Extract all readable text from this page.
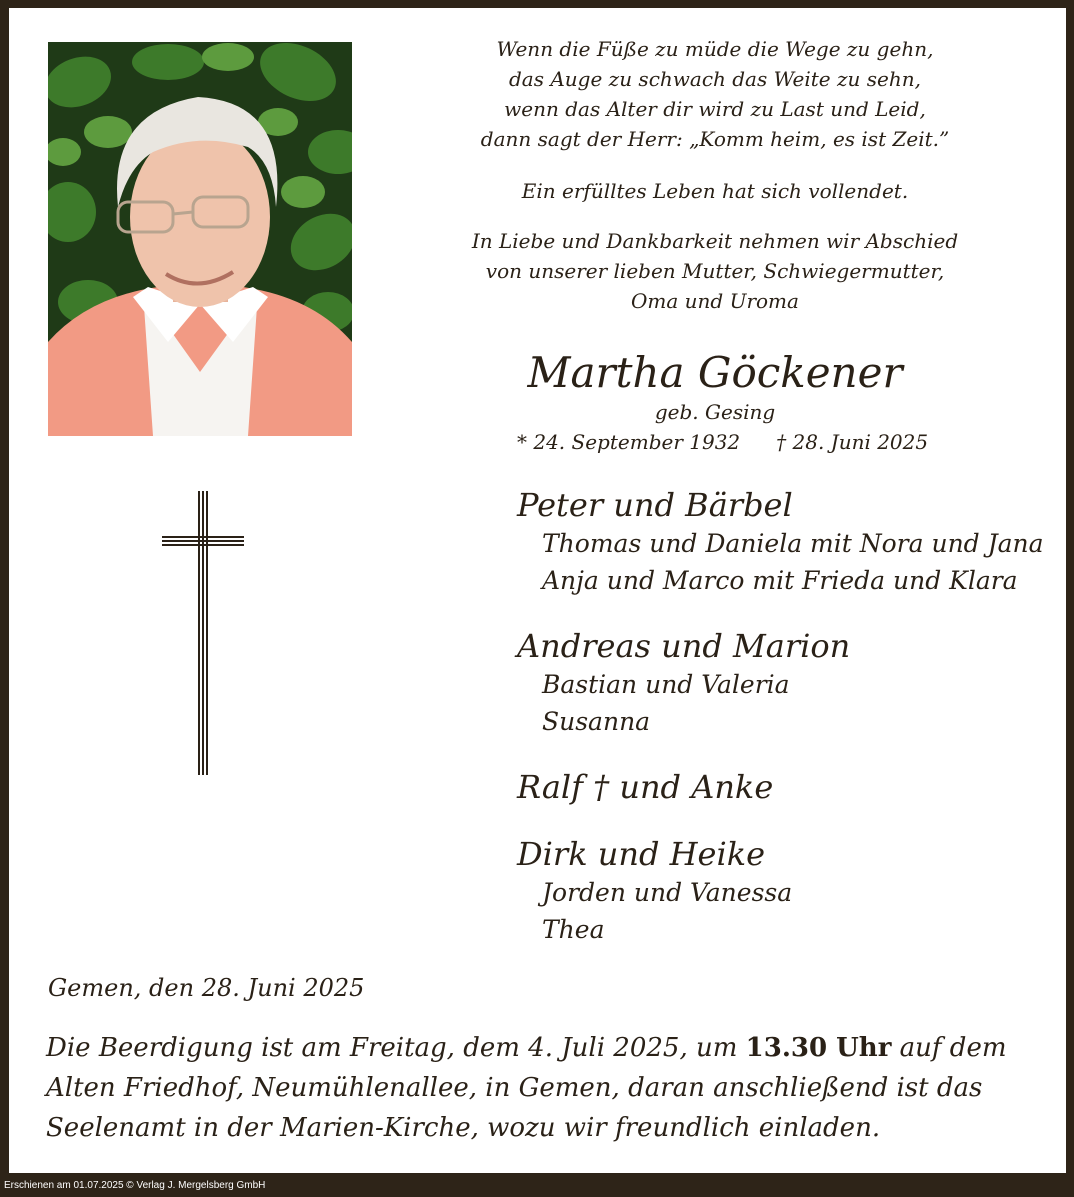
Wenn die Füße zu müde die Wege zu gehn,

das Auge zu schwach das Weite zu sehn,

wenn das Alter dir wird zu Last und Leid,

dann sagt der Herr: „Komm heim, es ist Zeit.”

Ein erfülltes Leben hat sich vollendet.

In Liebe und Dankbarkeit nehmen wir Abschied

von unserer lieben Mutter, Schwiegermutter,

Oma und Uroma

Martha Göckener
geb. Gesing
* 24. September 1932 † 28. Juni 2025
Peter und Bärbel
Thomas und Daniela mit Nora und Jana
Anja und Marco mit Frieda und Klara
Andreas und Marion
Bastian und Valeria
Susanna
Ralf † und Anke
Dirk und Heike
Jorden und Vanessa
Thea
Gemen, den 28. Juni 2025
Die Beerdigung ist am Freitag, dem 4. Juli 2025, um 13.30 Uhr auf dem
Alten Friedhof, Neumühlenallee, in Gemen, daran anschließend ist das
Seelenamt in der Marien-Kirche, wozu wir freundlich einladen.
Erschienen am 01.07.2025 © Verlag J. Mergelsberg GmbH
